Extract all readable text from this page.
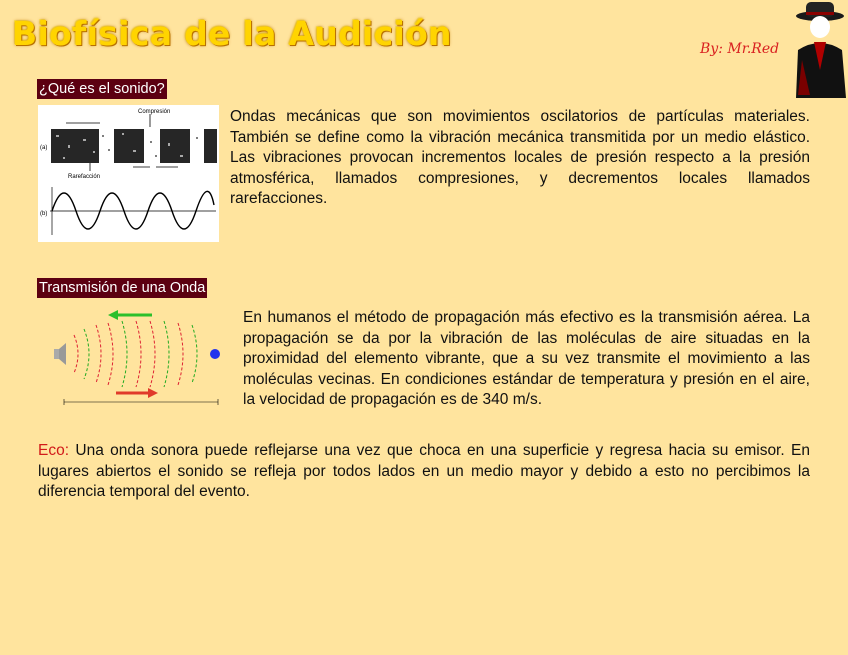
Biofísica de la Audición	By: Mr.Red
¿Qué es el sonido?
Compresión
(a)
Rarefacción
(b)
Ondas mecánicas que son movimientos oscilatorios de partículas materiales. También se define como la vibración mecánica transmitida por un medio elástico. Las vibraciones provocan incrementos locales de presión respecto a la presión atmosférica, llamados compresiones, y decrementos locales llamados rarefacciones.
Transmisión de una Onda
En humanos el método de propagación más efectivo es la transmisión aérea. La propagación se da por la vibración de las moléculas de aire situadas en la proximidad del elemento vibrante, que a su vez transmite el movimiento a las moléculas vecinas. En condiciones estándar de temperatura y presión en el aire, la velocidad de propagación es de 340 m/s.
Eco: Una onda sonora puede reflejarse una vez que choca en una superficie y regresa hacia su emisor. En lugares abiertos el sonido se refleja por todos lados en un medio mayor y debido a esto no percibimos la diferencia temporal del evento.
